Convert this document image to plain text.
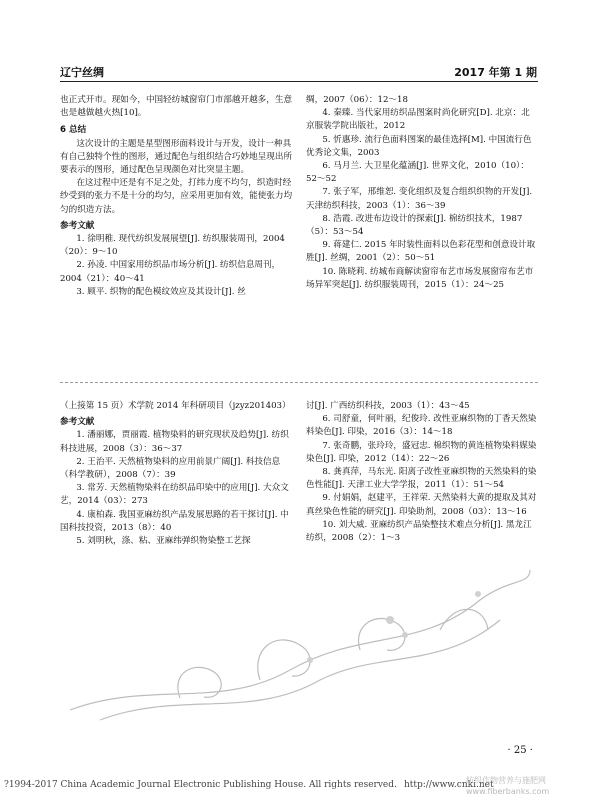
辽宁丝绸	2017 年第 1 期

也正式开市。现如今，中国轻纺城窗帘门市部越开越多，生意也是越做越火热[10]。

6 总结

这次设计的主题是星型图形面料设计与开发，设计一种具有自己独特个性的图形，通过配色与组织结合巧妙地呈现出所要表示的图形，通过配色呈现颜色对比突显主题。

在这过程中还是有不足之处，打纬力度不均匀，织造时经纱受到的张力不是十分的均匀，应采用更加有效，能使张力均匀的织造方法。

参考文献

1. 徐明稚. 现代纺织发展展望[J]. 纺织服装周刊，2004（20）：9～10

2. 孙凌. 中国家用纺织品市场分析[J]. 纺织信息周刊，2004（21）：40～41

3. 顾平. 织物的配色模纹效应及其设计[J]. 丝

绸，2007（06）：12～18

4. 秦臻. 当代家用纺织品图案时尚化研究[D]. 北京：北京服装学院出版社，2012

5. 忻惠珍. 流行色面料图案的最佳选择[M]. 中国流行色优秀论文集，2003

6. 马月兰. 大卫星化蕴涵[J]. 世界文化，2010（10）：52～52

7. 张子军，邢维恕. 变化组织及复合组织织物的开发[J]. 天津纺织科技，2003（1）：36～39

8. 浩霞. 改进布边设计的探索[J]. 棉纺织技术，1987（5）：53～54

9. 蒋建仁. 2015 年时装性面料以色彩花型和创意设计取胜[J]. 丝绸，2001（2）：50～51

10. 陈晓莉. 纺城布商解读窗帘布艺市场发展窗帘布艺市场异军突起[J]. 纺织服装周刊，2015（1）：24～25

（上接第 15 页）术学院 2014 年科研项目（jzyz201403）

参考文献

1. 潘丽娜，贾丽霞. 植物染料的研究现状及趋势[J]. 纺织科技进展，2008（3）：36～37

2. 王治平. 天然植物染料的应用前景广阔[J]. 科技信息（科学教研），2008（7）：39

3. 常芳. 天然植物染料在纺织品印染中的应用[J]. 大众文艺，2014（03）：273

4. 康柏森. 我国亚麻纺织产品发展思路的若干探讨[J]. 中国科技投资，2013（8）：40

5. 刘明秋，涤、粘、亚麻纬弹织物染整工艺探

讨[J]. 广西纺织科技，2003（1）：43～45

6. 司舒童，何叶丽，纪俊玲. 改性亚麻织物的丁香天然染料染色[J]. 印染，2016（3）：14～18

7. 张奇鹏，张玲玲，盛冠忠. 棉织物的黄连植物染料媒染染色[J]. 印染，2012（14）：22～26

8. 龚真萍，马东光. 阳离子改性亚麻织物的天然染料的染色性能[J]. 天津工业大学学报，2011（1）：51～54

9. 付娟娟，赵建平，王祥荣. 天然染料大黄的提取及其对真丝染色性能的研究[J]. 印染助剂，2008（03）：13～16

10. 刘大威. 亚麻纺织产品染整技术难点分析[J]. 黑龙江纺织，2008（2）：1～3

· 25 ·
?1994-2017 China Academic Journal Electronic Publishing House. All rights reserved. http://www.cnki.net
纺织作物营养与施肥网 www.fiberbanks.com
